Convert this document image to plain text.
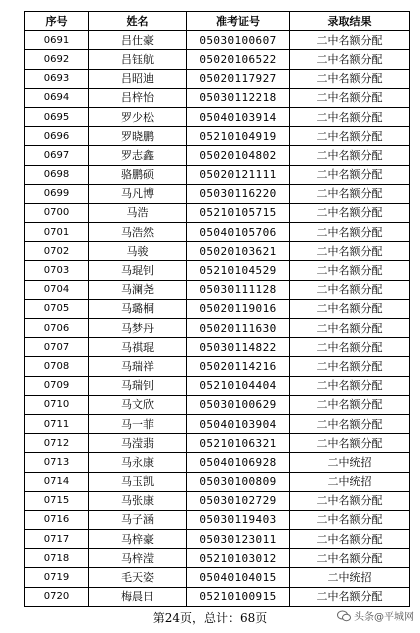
序号	姓名	准考证号	录取结果
0691	吕仕豪	05030100607	二中名额分配
0692	吕钰航	05020106522	二中名额分配
0693	吕昭迪	05020117927	二中名额分配
0694	吕梓怡	05030112218	二中名额分配
0695	罗少松	05040103914	二中名额分配
0696	罗晓鹏	05210104919	二中名额分配
0697	罗志鑫	05020104802	二中名额分配
0698	骆鹏硕	05020121111	二中名额分配
0699	马凡博	05030116220	二中名额分配
0700	马浩	05210105715	二中名额分配
0701	马浩然	05040105706	二中名额分配
0702	马骏	05020103621	二中名额分配
0703	马琨钊	05210104529	二中名额分配
0704	马澜尧	05030111128	二中名额分配
0705	马璐桐	05020119016	二中名额分配
0706	马梦丹	05020111630	二中名额分配
0707	马祺琨	05030114822	二中名额分配
0708	马瑞祥	05020114216	二中名额分配
0709	马瑞钊	05210104404	二中名额分配
0710	马文欣	05030100629	二中名额分配
0711	马一菲	05040103904	二中名额分配
0712	马滢翡	05210106321	二中名额分配
0713	马永康	05040106928	二中统招
0714	马玉凯	05030100809	二中统招
0715	马张康	05030102729	二中名额分配
0716	马子涵	05030119403	二中名额分配
0717	马梓豪	05030123011	二中名额分配
0718	马梓滢	05210103012	二中名额分配
0719	毛天姿	05040104015	二中统招
0720	梅晨日	05210100915	二中名额分配
第24页，总计：68页	头条@平城网
